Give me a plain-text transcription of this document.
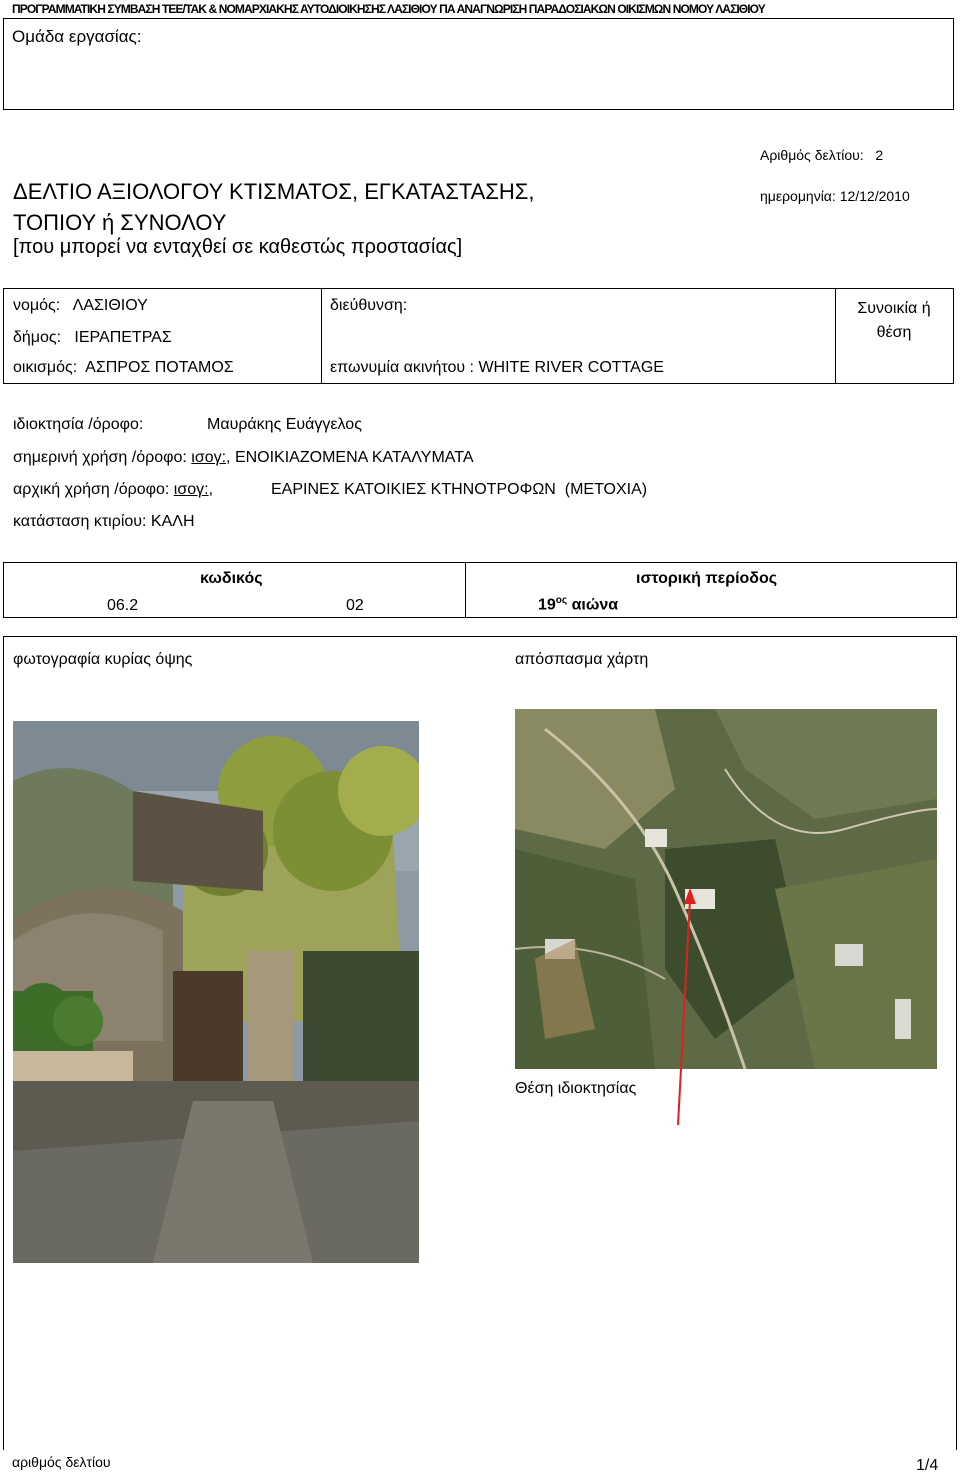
ΠΡΟΓΡΑΜΜΑΤΙΚΗ ΣΥΜΒΑΣΗ ΤΕΕ/ΤΑΚ & ΝΟΜΑΡΧΙΑΚΗΣ ΑΥΤΟΔΙΟΙΚΗΣΗΣ ΛΑΣΙΘΙΟΥ ΠΑ ΑΝΑΓΝΩΡΙΣΗ ΠΑΡΑΔΟΣΙΑΚΩΝ ΟΙΚΙΣΜΩΝ ΝΟΜΟΥ ΛΑΣΙΘΙΟΥ
Ομάδα εργασίας:
ΔΕΛΤΙΟ ΑΞΙΟΛΟΓΟΥ ΚΤΙΣΜΑΤΟΣ, ΕΓΚΑΤΑΣΤΑΣΗΣ,
ΤΟΠΙΟΥ ή ΣΥΝΟΛΟΥ
[που μπορεί να ενταχθεί σε καθεστώς προστασίας]
Αριθμός δελτίου: 2
ημερομηνία: 12/12/2010
νομός: ΛΑΣΙΘΙΟΥ
δήμος: ΙΕΡΑΠΕΤΡΑΣ
οικισμός: ΑΣΠΡΟΣ ΠΟΤΑΜΟΣ
διεύθυνση:
επωνυμία ακινήτου : WHITE RIVER COTTAGE
Συνοικία ή
θέση
ιδιοκτησία /όροφο:	Μαυράκης Ευάγγελος
σημερινή χρήση /όροφο: ισογ:, ΕΝΟΙΚΙΑΖΟΜΕΝΑ ΚΑΤΑΛΥΜΑΤΑ
αρχική χρήση /όροφο: ισογ:,	ΕΑΡΙΝΕΣ ΚΑΤΟΙΚΙΕΣ ΚΤΗΝΟΤΡΟΦΩΝ  (ΜΕΤΟΧΙΑ)
κατάσταση κτιρίου: ΚΑΛΗ
κωδικός
06.2	02
ιστορική περίοδος
$19^{o\varsigma}$ αιώνα
φωτογραφία κυρίας όψης	απόσπασμα χάρτη
Θέση ιδιοκτησίας
αριθμός δελτίου	1/4
